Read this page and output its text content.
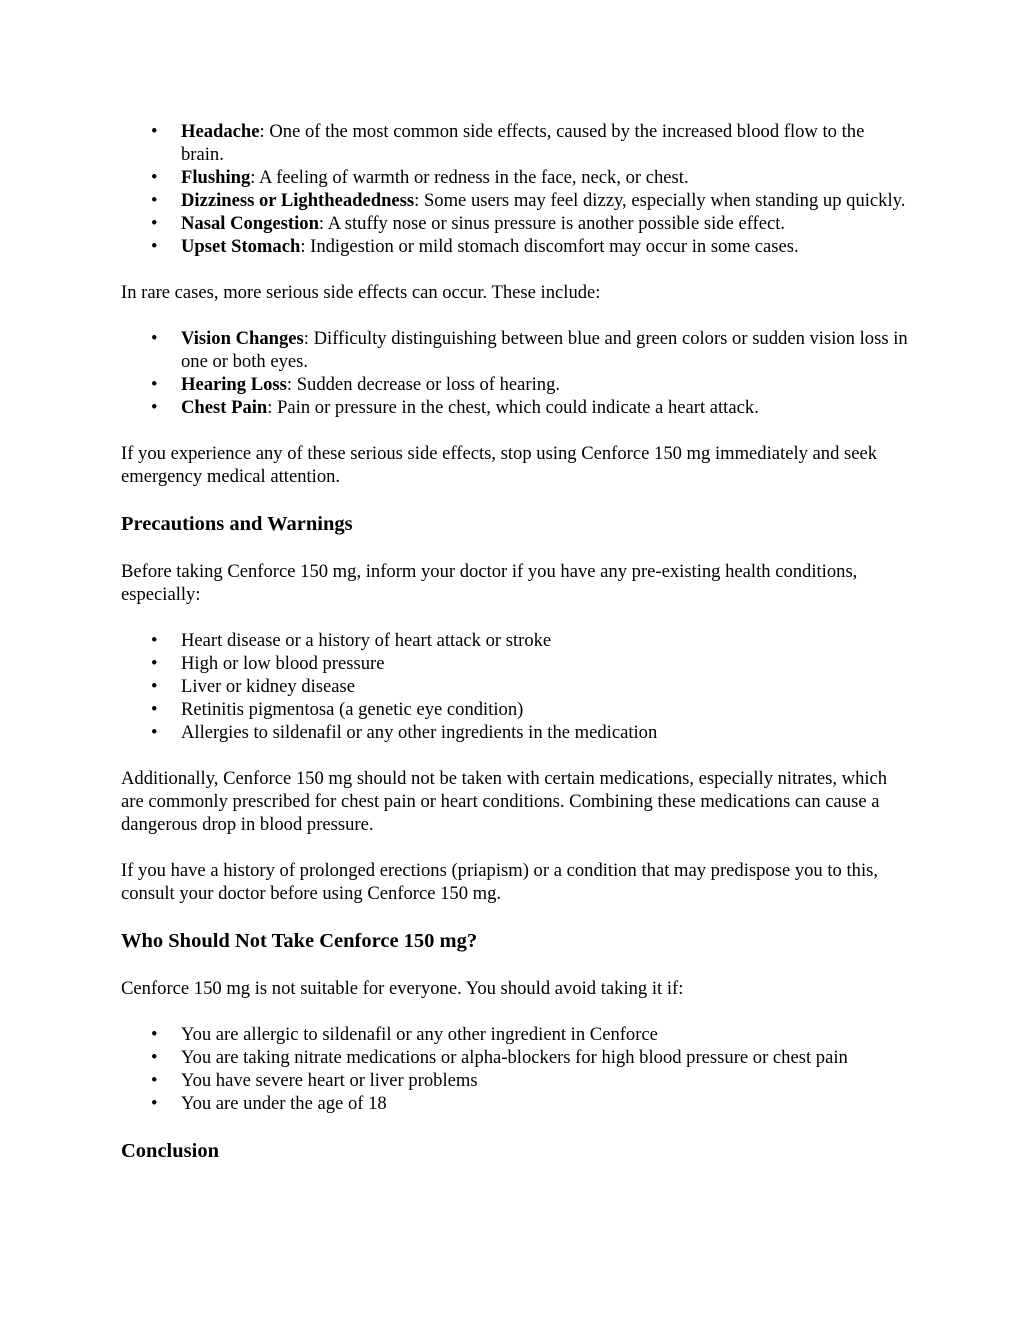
• Headache: One of the most common side effects, caused by the increased blood flow to the brain.
• Flushing: A feeling of warmth or redness in the face, neck, or chest.
• Dizziness or Lightheadedness: Some users may feel dizzy, especially when standing up quickly.
• Nasal Congestion: A stuffy nose or sinus pressure is another possible side effect.
• Upset Stomach: Indigestion or mild stomach discomfort may occur in some cases.

In rare cases, more serious side effects can occur. These include:

• Vision Changes: Difficulty distinguishing between blue and green colors or sudden vision loss in one or both eyes.
• Hearing Loss: Sudden decrease or loss of hearing.
• Chest Pain: Pain or pressure in the chest, which could indicate a heart attack.

If you experience any of these serious side effects, stop using Cenforce 150 mg immediately and seek emergency medical attention.

Precautions and Warnings

Before taking Cenforce 150 mg, inform your doctor if you have any pre-existing health conditions, especially:

• Heart disease or a history of heart attack or stroke
• High or low blood pressure
• Liver or kidney disease
• Retinitis pigmentosa (a genetic eye condition)
• Allergies to sildenafil or any other ingredients in the medication

Additionally, Cenforce 150 mg should not be taken with certain medications, especially nitrates, which are commonly prescribed for chest pain or heart conditions. Combining these medications can cause a dangerous drop in blood pressure.

If you have a history of prolonged erections (priapism) or a condition that may predispose you to this, consult your doctor before using Cenforce 150 mg.

Who Should Not Take Cenforce 150 mg?

Cenforce 150 mg is not suitable for everyone. You should avoid taking it if:

• You are allergic to sildenafil or any other ingredient in Cenforce
• You are taking nitrate medications or alpha-blockers for high blood pressure or chest pain
• You have severe heart or liver problems
• You are under the age of 18
Conclusion
